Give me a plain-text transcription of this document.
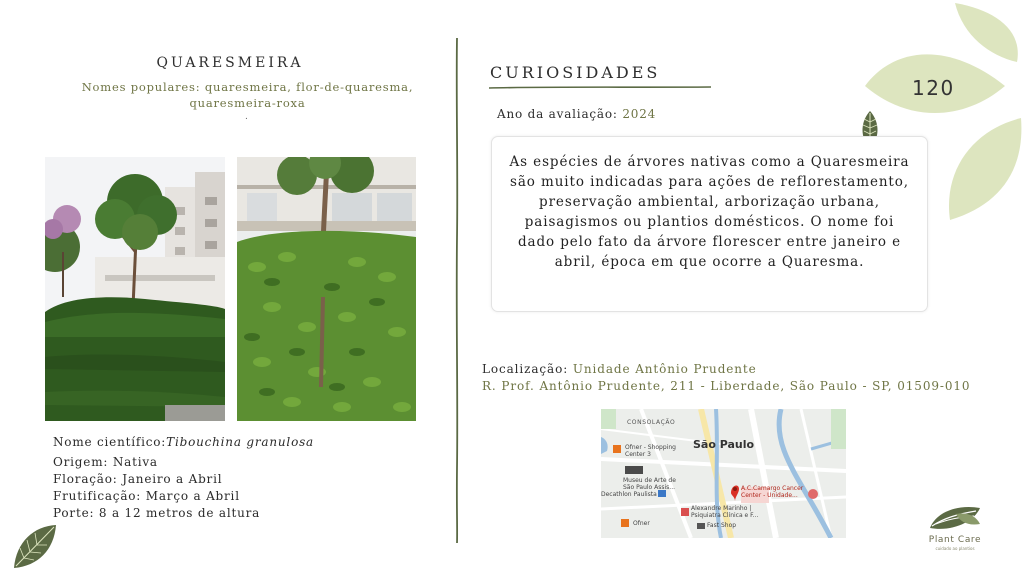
QUARESMEIRA
Nomes populares: quaresmeira, flor-de-quaresma,
quaresmeira-roxa
.
Nome científico:Tibouchina granulosa
Origem: Nativa
Floração: Janeiro a Abril
Frutificação: Março a Abril
Porte: 8 a 12 metros de altura
CURIOSIDADES
Ano da avaliação: 2024
120
As espécies de árvores nativas como a Quaresmeira são muito indicadas para ações de reflorestamento, preservação ambiental, arborização urbana, paisagismos ou plantios domésticos. O nome foi dado pelo fato da árvore florescer entre janeiro e abril, época em que ocorre a Quaresma.
Localização: Unidade Antônio Prudente
R. Prof. Antônio Prudente, 211 - Liberdade, São Paulo - SP, 01509-010
CONSOLAÇÃO
São Paulo
Ofner - Shopping
Center 3
Museu de Arte de
São Paulo Assis...
Decathlon Paulista
Alexandre Marinho |
Psiquiatra Clínica e F...
A.C.Camargo Cancer
Center - Unidade...
Fast Shop
Ofner
Plant Care
cuidado ao plantios
